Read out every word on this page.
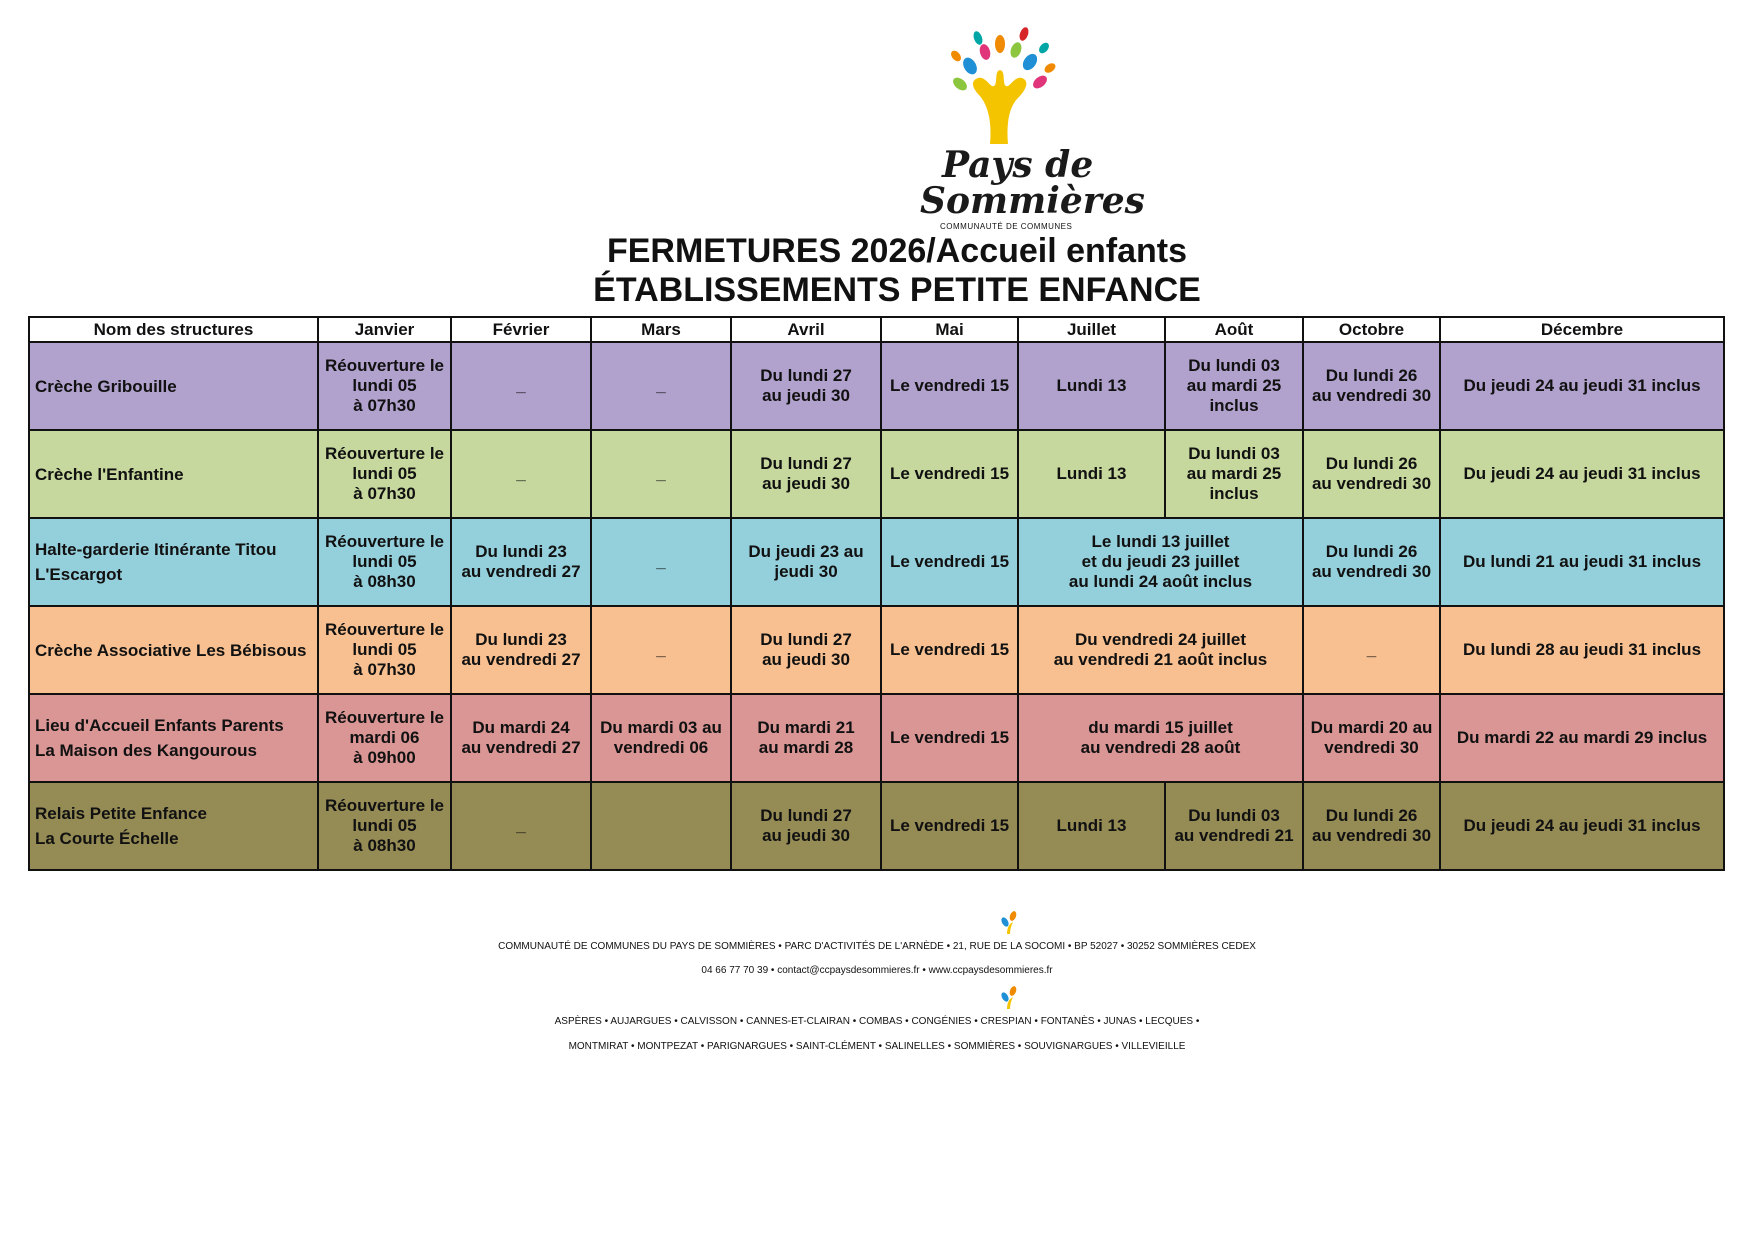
Pays de
Sommières
COMMUNAUTÉ DE COMMUNES
FERMETURES 2026/Accueil enfants
ÉTABLISSEMENTS PETITE ENFANCE
Nom des structures	Janvier	Février	Mars	Avril	Mai	Juillet	Août	Octobre	Décembre
Crèche Gribouille	Réouverture le
lundi 05
à 07h30	_	_	Du lundi 27
au jeudi 30	Le vendredi 15	Lundi 13	Du lundi 03
au mardi 25
inclus	Du lundi 26
au vendredi 30	Du jeudi 24 au jeudi 31 inclus
Crèche l'Enfantine	Réouverture le
lundi 05
à 07h30	_	_	Du lundi 27
au jeudi 30	Le vendredi 15	Lundi 13	Du lundi 03
au mardi 25
inclus	Du lundi 26
au vendredi 30	Du jeudi 24 au jeudi 31 inclus
Halte-garderie Itinérante Titou
L'Escargot	Réouverture le
lundi 05
à 08h30	Du lundi 23
au vendredi 27	_	Du jeudi 23 au
jeudi 30	Le vendredi 15	Le lundi 13 juillet
et du jeudi 23 juillet
au lundi 24 août inclus		Du lundi 26
au vendredi 30	Du lundi 21 au jeudi 31 inclus
Crèche Associative Les Bébisous	Réouverture le
lundi 05
à 07h30	Du lundi 23
au vendredi 27	_	Du lundi 27
au jeudi 30	Le vendredi 15	Du vendredi 24 juillet
au vendredi 21 août inclus		_	Du lundi 28 au jeudi 31 inclus
Lieu d'Accueil Enfants Parents
La Maison des Kangourous	Réouverture le
mardi 06
à 09h00	Du mardi 24
au vendredi 27	Du mardi 03 au
vendredi 06	Du mardi 21
au mardi 28	Le vendredi 15	du mardi 15 juillet
au vendredi 28 août		Du mardi 20 au
vendredi 30	Du mardi 22 au mardi 29 inclus
Relais Petite Enfance
La Courte Échelle	Réouverture le
lundi 05
à 08h30	_		Du lundi 27
au jeudi 30	Le vendredi 15	Lundi 13	Du lundi 03
au vendredi 21	Du lundi 26
au vendredi 30	Du jeudi 24 au jeudi 31 inclus
COMMUNAUTÉ DE COMMUNES DU PAYS DE SOMMIÈRES • PARC D'ACTIVITÉS DE L'ARNÈDE • 21, RUE DE LA SOCOMI • BP 52027 • 30252 SOMMIÈRES CEDEX
04 66 77 70 39 • contact@ccpaysdesommieres.fr • www.ccpaysdesommieres.fr
ASPÈRES • AUJARGUES • CALVISSON • CANNES-ET-CLAIRAN • COMBAS • CONGÉNIES • CRESPIAN • FONTANÈS • JUNAS • LECQUES •
MONTMIRAT • MONTPEZAT • PARIGNARGUES • SAINT-CLÉMENT • SALINELLES • SOMMIÈRES • SOUVIGNARGUES • VILLEVIEILLE
